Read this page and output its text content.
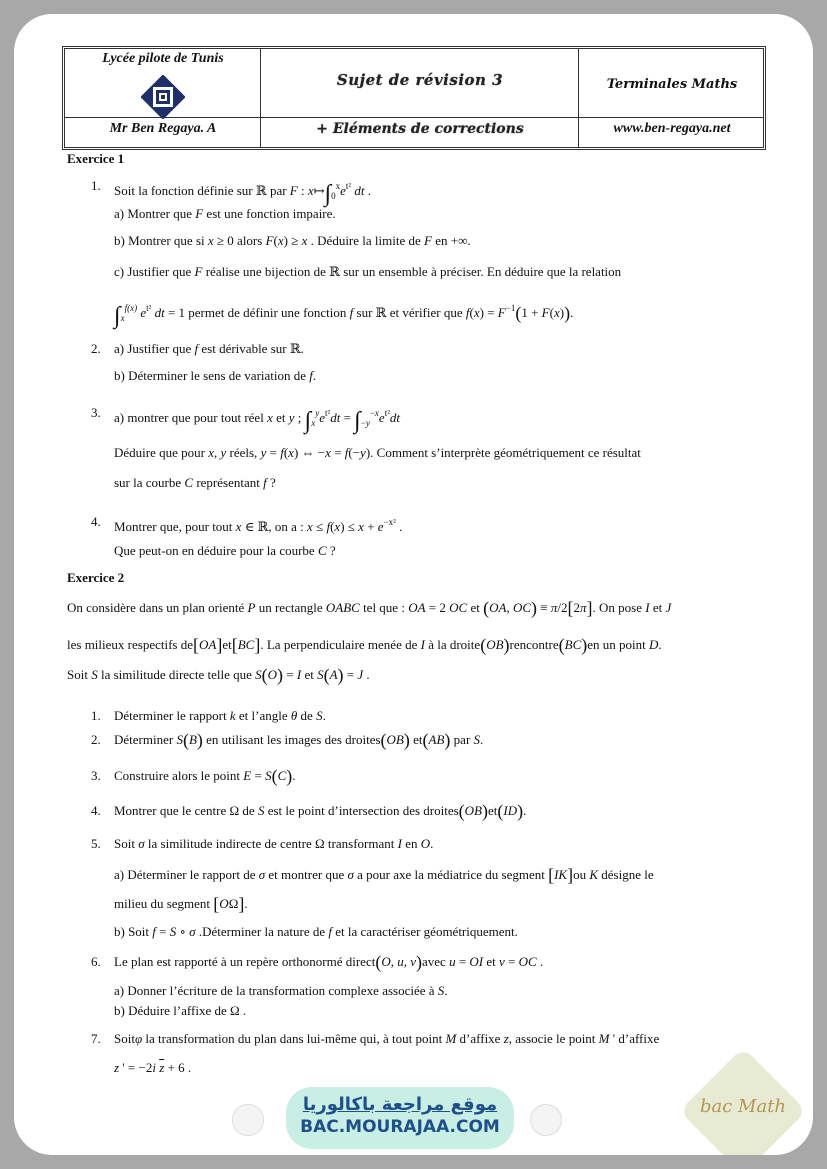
Lycée pilote de Tunis
Mr Ben Regaya. A
Sujet de révision 3
+ Eléments de corrections
Terminales Maths
www.ben-regaya.net
Exercice 1
1. Soit la fonction définie sur ℝ par F : $x↦\int_0^xe^{t^2}$ dt .
a) Montrer que F est une fonction impaire.
b) Montrer que si x ≥ 0 alors F(x) ≥ x . Déduire la limite de F en +∞.
c) Justifier que F réalise une bijection de ℝ sur un ensemble à préciser. En déduire que la relation
$\int_x^{f(x)}$ $e^{t^2}$ dt = 1 permet de définir une fonction f sur ℝ et vérifier que $f(x) = F^{-1}(1 + F(x))$.
2. a) Justifier que f est dérivable sur ℝ.
b) Déterminer le sens de variation de f.
3. a) montrer que pour tout réel x et y ; $\int_x^ye^{t^2}dt = \int_{-y}^{-x}e^{t^2}dt$
Déduire que pour x, y réels, y = f(x) ⇔ −x = f(−y). Comment s’interprète géométriquement ce résultat
sur la courbe C représentant f ?
4. Montrer que, pour tout x ∈ ℝ, on a : $x \le f(x) \le x + e^{-x^2}$ .
Que peut-on en déduire pour la courbe C ?
Exercice 2
On considère dans un plan orienté P un rectangle OABC tel que : OA = 2 OC et (OA, OC) ≡ π/2[2π]. On pose I et J
les milieux respectifs de[OA]et[BC]. La perpendiculaire menée de I à la droite(OB)rencontre(BC)en un point D.
Soit S la similitude directe telle que S(O) = I et S(A) = J .
1. Déterminer le rapport k et l’angle θ de S.
2. Déterminer S(B) en utilisant les images des droites(OB) et(AB) par S.
3. Construire alors le point E = S(C).
4. Montrer que le centre Ω de S est le point d’intersection des droites(OB)et(ID).
5. Soit σ la similitude indirecte de centre Ω transformant I en O.
a) Déterminer le rapport de σ et montrer que σ a pour axe la médiatrice du segment [IK]ou K désigne le
milieu du segment [OΩ].
b) Soit f = S ∘ σ .Déterminer la nature de f et la caractériser géométriquement.
6. Le plan est rapporté à un repère orthonormé direct(O, u, v)avec u = OI et v = OC .
a) Donner l’écriture de la transformation complexe associée à S.
b) Déduire l’affixe de Ω .
7. Soitφ la transformation du plan dans lui-même qui, à tout point M d’affixe z, associe le point M ' d’affixe
z ' = −2i $\overline{z} + 6$ .
موقع مراجعة باكالوريا
BAC.MOURAJAA.COM
bac Math
